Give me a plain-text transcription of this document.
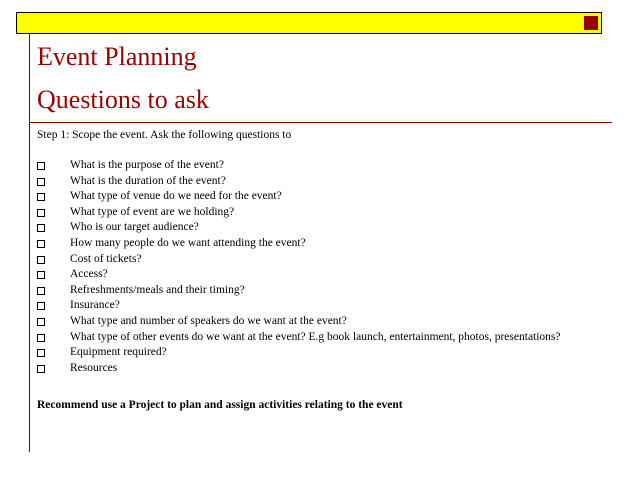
Event Planning
Questions to ask
Step 1: Scope the event. Ask the following questions to
What is the purpose of the event?
What is the duration of the event?
What type of venue do we need for the event?
What type of event are we holding?
Who is our target audience?
How many people do we want attending the event?
Cost of tickets?
Access?
Refreshments/meals and their timing?
Insurance?
What type and number of speakers do we want at the event?
What type of other events do we want at the event? E.g book launch, entertainment, photos, presentations?
Equipment required?
Resources
Recommend use a Project to plan and assign activities relating to the event
